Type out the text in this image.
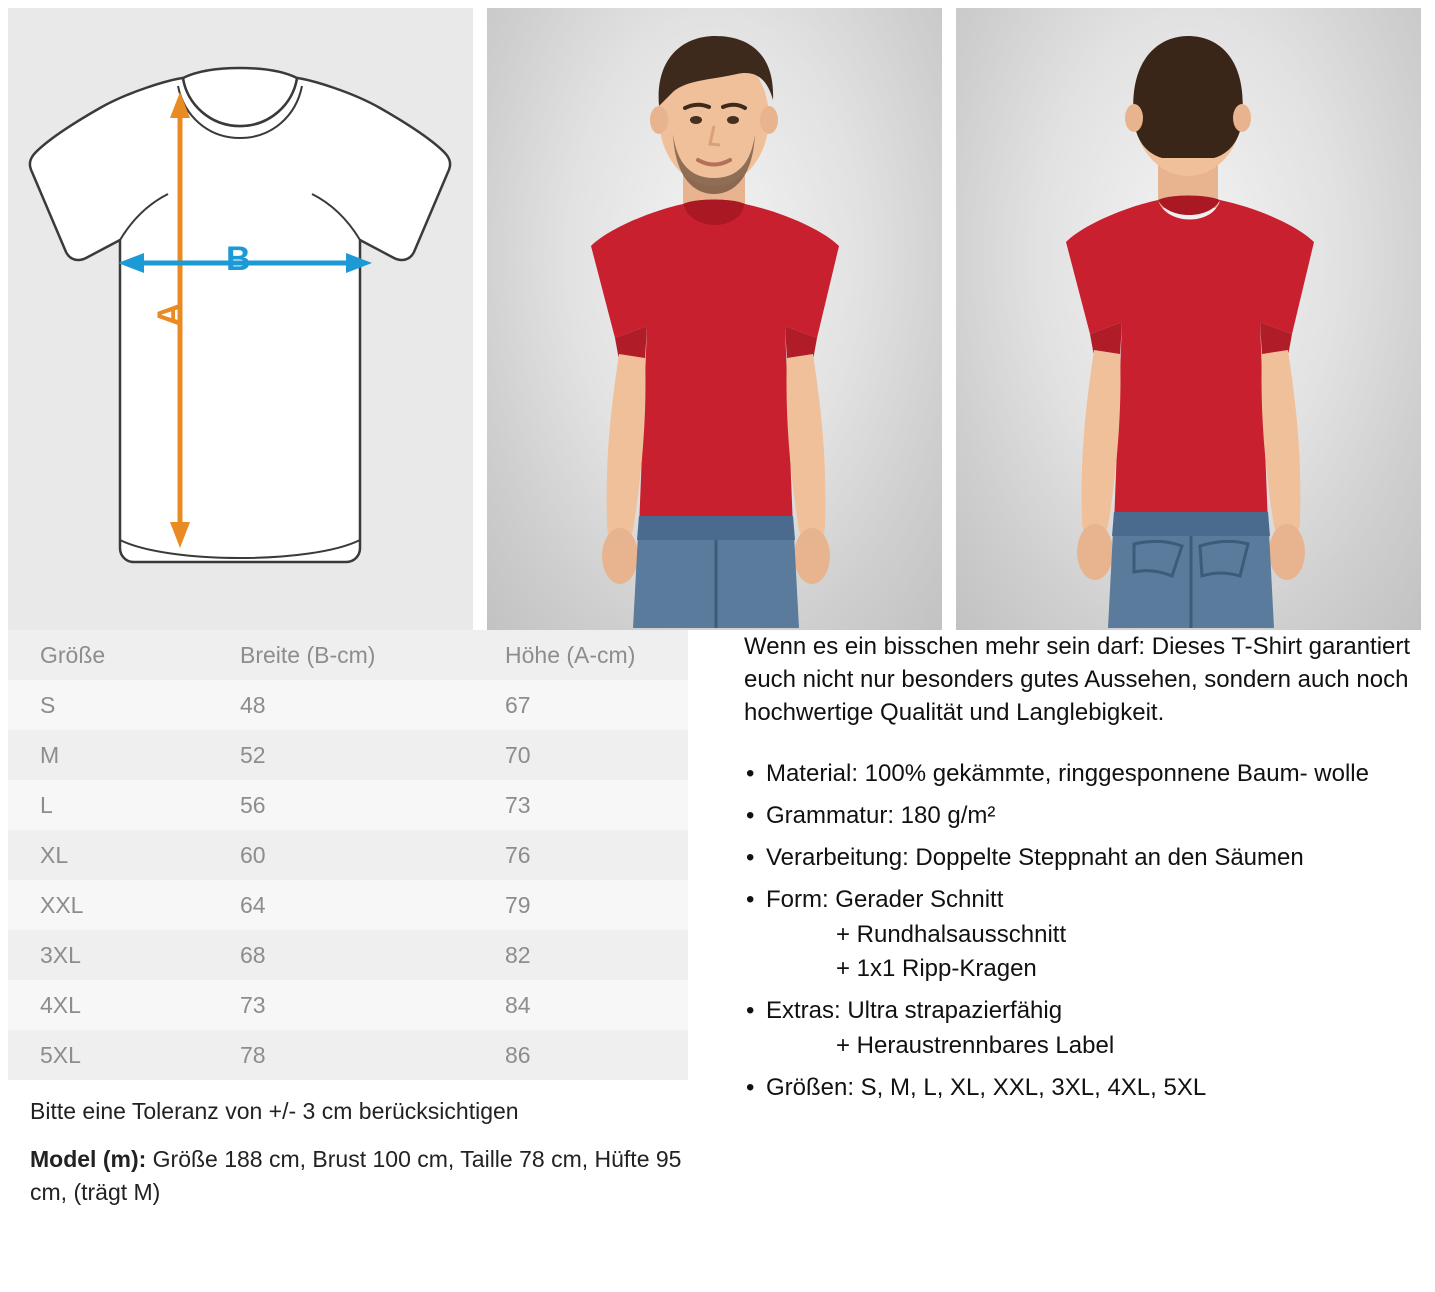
B
A
Größe	Breite (B-cm)	Höhe (A-cm)
S	48	67
M	52	70
L	56	73
XL	60	76
XXL	64	79
3XL	68	82
4XL	73	84
5XL	78	86
Bitte eine Toleranz von +/- 3 cm berücksichtigen
Model (m): Größe 188 cm, Brust 100 cm, Taille 78 cm, Hüfte 95 cm, (trägt M)

Wenn es ein bisschen mehr sein darf: Dieses T-Shirt garantiert euch nicht nur besonders gutes Aussehen, sondern auch noch hochwertige Qualität und Langlebigkeit.

• Material: 100% gekämmte, ringgesponnene Baum- wolle
• Grammatur: 180 g/m²
• Verarbeitung: Doppelte Steppnaht an den Säumen
• Form: Gerader Schnitt
+ Rundhalsausschnitt
+ 1x1 Ripp-Kragen
• Extras: Ultra strapazierfähig
+ Heraustrennbares Label
• Größen: S, M, L, XL, XXL, 3XL, 4XL, 5XL
